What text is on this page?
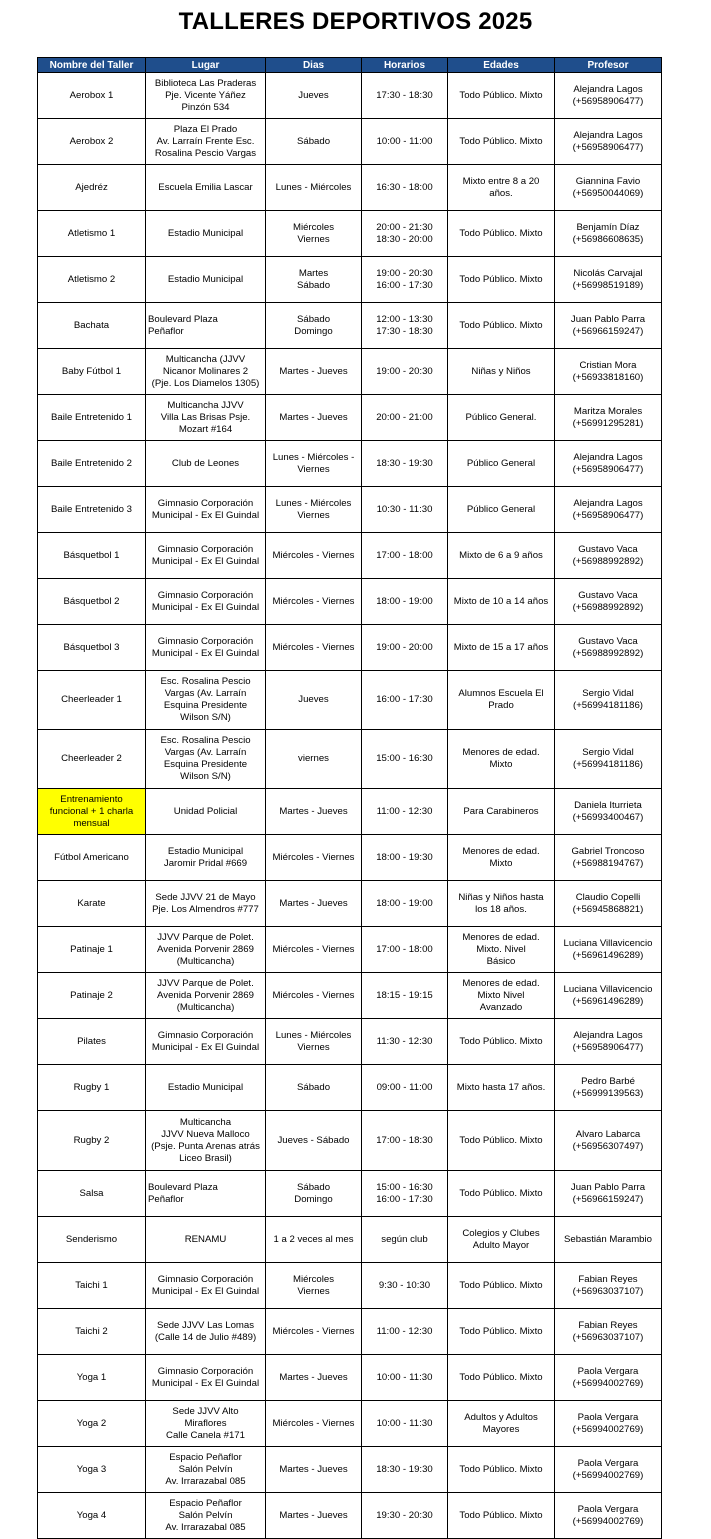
TALLERES DEPORTIVOS 2025
Nombre del Taller	Lugar	Dias	Horarios	Edades	Profesor
Aerobox 1	Biblioteca Las Praderas
Pje. Vicente Yáñez
Pinzón 534	Jueves	17:30 - 18:30	Todo Público. Mixto	Alejandra Lagos
(+56958906477)
Aerobox 2	Plaza El Prado
Av. Larraín Frente Esc.
Rosalina Pescio Vargas	Sábado	10:00 - 11:00	Todo Público. Mixto	Alejandra Lagos
(+56958906477)
Ajedréz	Escuela Emilia Lascar	Lunes - Miércoles	16:30 - 18:00	Mixto entre 8 a 20
años.	Giannina Favio
(+56950044069)
Atletismo 1	Estadio Municipal	Miércoles
Viernes	20:00 - 21:30
18:30 - 20:00	Todo Público. Mixto	Benjamín Díaz
(+56986608635)
Atletismo 2	Estadio Municipal	Martes
Sábado	19:00 - 20:30
16:00 - 17:30	Todo Público. Mixto	Nicolás Carvajal
(+56998519189)
Bachata	Boulevard Plaza
Peñaflor	Sábado
Domingo	12:00 - 13:30
17:30 - 18:30	Todo Público. Mixto	Juan Pablo Parra
(+56966159247)
Baby Fútbol 1	Multicancha (JJVV
Nicanor Molinares 2
(Pje. Los Diamelos 1305)	Martes - Jueves	19:00 - 20:30	Niñas y Niños	Cristian Mora
(+56933818160)
Baile Entretenido 1	Multicancha JJVV
Villa Las Brisas Psje.
Mozart #164	Martes - Jueves	20:00 - 21:00	Público General.	Maritza Morales
(+56991295281)
Baile Entretenido 2	Club de Leones	Lunes - Miércoles -
Viernes	18:30 - 19:30	Público General	Alejandra Lagos
(+56958906477)
Baile Entretenido 3	Gimnasio Corporación
Municipal - Ex El Guindal	Lunes - Miércoles
Viernes	10:30 - 11:30	Público General	Alejandra Lagos
(+56958906477)
Básquetbol 1	Gimnasio Corporación
Municipal - Ex El Guindal	Miércoles - Viernes	17:00 - 18:00	Mixto de 6 a 9 años	Gustavo Vaca
(+56988992892)
Básquetbol 2	Gimnasio Corporación
Municipal - Ex El Guindal	Miércoles - Viernes	18:00 - 19:00	Mixto de 10 a 14 años	Gustavo Vaca
(+56988992892)
Básquetbol 3	Gimnasio Corporación
Municipal - Ex El Guindal	Miércoles - Viernes	19:00 - 20:00	Mixto de 15 a 17 años	Gustavo Vaca
(+56988992892)
Cheerleader 1	Esc. Rosalina Pescio
Vargas (Av. Larraín
Esquina Presidente
Wilson S/N)	Jueves	16:00 - 17:30	Alumnos Escuela El
Prado	Sergio Vidal
(+56994181186)
Cheerleader 2	Esc. Rosalina Pescio
Vargas (Av. Larraín
Esquina Presidente
Wilson S/N)	viernes	15:00 - 16:30	Menores de edad.
Mixto	Sergio Vidal
(+56994181186)
Entrenamiento
funcional + 1 charla
mensual	Unidad Policial	Martes - Jueves	11:00 - 12:30	Para Carabineros	Daniela Iturrieta
(+56993400467)
Fútbol Americano	Estadio Municipal
Jaromir Pridal #669	Miércoles - Viernes	18:00 - 19:30	Menores de edad.
Mixto	Gabriel Troncoso
(+56988194767)
Karate	Sede JJVV 21 de Mayo
Pje. Los Almendros #777	Martes - Jueves	18:00 - 19:00	Niñas y Niños hasta
los 18 años.	Claudio Copelli
(+56945868821)
Patinaje 1	JJVV Parque de Polet.
Avenida Porvenir 2869
(Multicancha)	Miércoles - Viernes	17:00 - 18:00	Menores de edad.
Mixto. Nivel
Básico	Luciana Villavicencio
(+56961496289)
Patinaje 2	JJVV Parque de Polet.
Avenida Porvenir 2869
(Multicancha)	Miércoles - Viernes	18:15 - 19:15	Menores de edad.
Mixto Nivel
Avanzado	Luciana Villavicencio
(+56961496289)
Pilates	Gimnasio Corporación
Municipal - Ex El Guindal	Lunes - Miércoles
Viernes	11:30 - 12:30	Todo Público. Mixto	Alejandra Lagos
(+56958906477)
Rugby 1	Estadio Municipal	Sábado	09:00 - 11:00	Mixto hasta 17 años.	Pedro Barbé
(+56999139563)
Rugby 2	Multicancha
JJVV Nueva Malloco
(Psje. Punta Arenas atrás
Liceo Brasil)	Jueves - Sábado	17:00 - 18:30	Todo Público. Mixto	Alvaro Labarca
(+56956307497)
Salsa	Boulevard Plaza
Peñaflor	Sábado
Domingo	15:00 - 16:30
16:00 - 17:30	Todo Público. Mixto	Juan Pablo Parra
(+56966159247)
Senderismo	RENAMU	1 a 2 veces al mes	según club	Colegios y Clubes
Adulto Mayor	Sebastián Marambio
Taichi 1	Gimnasio Corporación
Municipal - Ex El Guindal	Miércoles
Viernes	9:30 - 10:30	Todo Público. Mixto	Fabian Reyes
(+56963037107)
Taichi 2	Sede JJVV Las Lomas
(Calle 14 de Julio #489)	Miércoles - Viernes	11:00 - 12:30	Todo Público. Mixto	Fabian Reyes
(+56963037107)
Yoga 1	Gimnasio Corporación
Municipal - Ex El Guindal	Martes - Jueves	10:00 - 11:30	Todo Público. Mixto	Paola Vergara
(+56994002769)
Yoga 2	Sede JJVV Alto
Miraflores
Calle Canela #171	Miércoles - Viernes	10:00 - 11:30	Adultos y Adultos
Mayores	Paola Vergara
(+56994002769)
Yoga 3	Espacio Peñaflor
Salón Pelvín
Av. Irrarazabal 085	Martes - Jueves	18:30 - 19:30	Todo Público. Mixto	Paola Vergara
(+56994002769)
Yoga 4	Espacio Peñaflor
Salón Pelvín
Av. Irrarazabal 085	Martes - Jueves	19:30 - 20:30	Todo Público. Mixto	Paola Vergara
(+56994002769)
